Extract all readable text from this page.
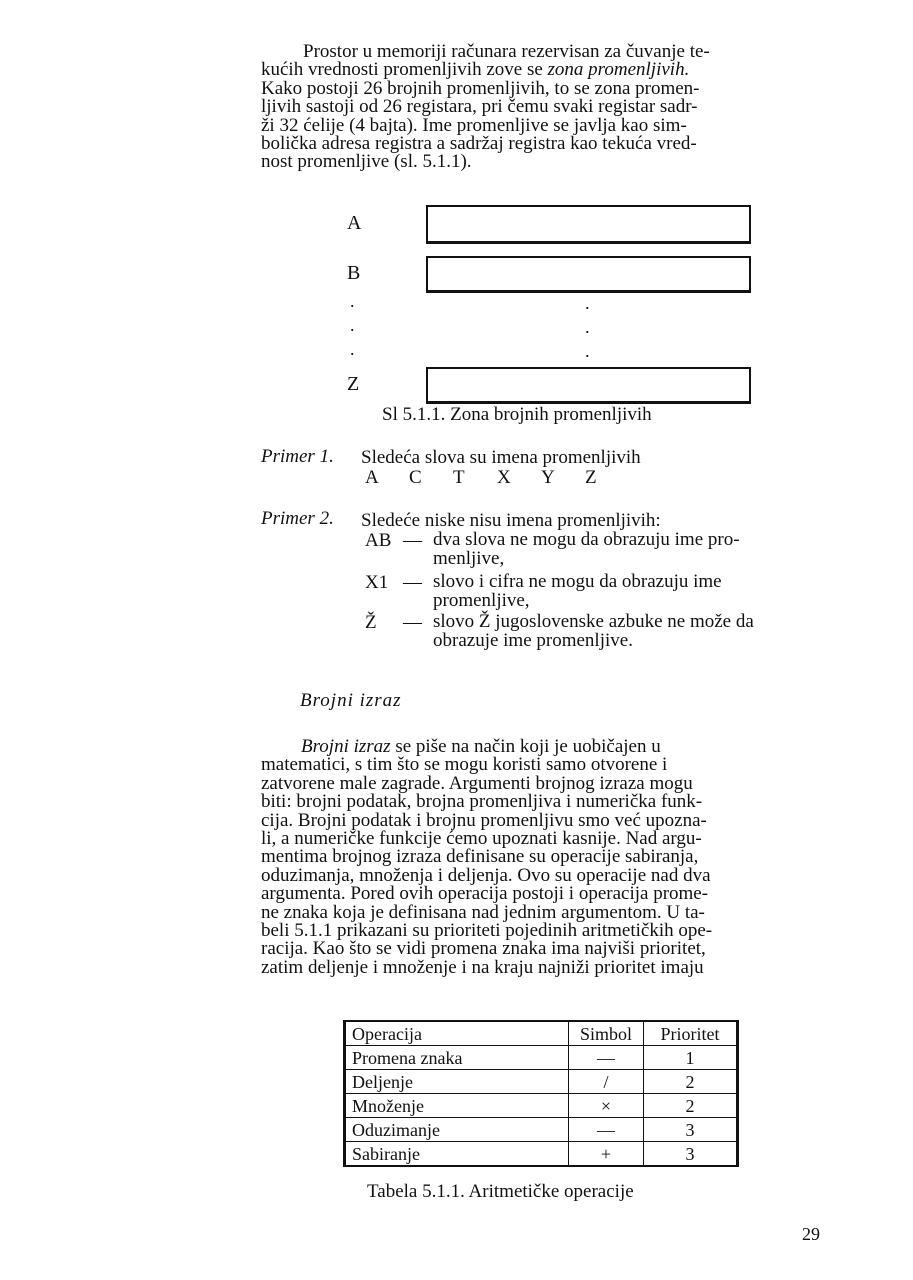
Prostor u memoriji računara rezervisan za čuvanje te-
kućih vrednosti promenljivih zove se zona promenljivih.
Kako postoji 26 brojnih promenljivih, to se zona promen-
ljivih sastoji od 26 registara, pri čemu svaki registar sadr-
ži 32 ćelije (4 bajta). Ime promenljive se javlja kao sim-
bolička adresa registra a sadržaj registra kao tekuća vred-
nost promenljive (sl. 5.1.1).
A
B
.
.
.
.
.
.
Z
Sl 5.1.1. Zona brojnih promenljivih
Primer 1. Sledeća slova su imena promenljivih
A C T X Y Z
Primer 2. Sledeće niske nisu imena promenljivih:
AB — dva slova ne mogu da obrazuju ime pro-
menljive,
X1 — slovo i cifra ne mogu da obrazuju ime
promenljive,
Ž — slovo Ž jugoslovenske azbuke ne može da
obrazuje ime promenljive.
Brojni izraz
Brojni izraz se piše na način koji je uobičajen u
matematici, s tim što se mogu koristi samo otvorene i
zatvorene male zagrade. Argumenti brojnog izraza mogu
biti: brojni podatak, brojna promenljiva i numerička funk-
cija. Brojni podatak i brojnu promenljivu smo već upozna-
li, a numeričke funkcije ćemo upoznati kasnije. Nad argu-
mentima brojnog izraza definisane su operacije sabiranja,
oduzimanja, množenja i deljenja. Ovo su operacije nad dva
argumenta. Pored ovih operacija postoji i operacija prome-
ne znaka koja je definisana nad jednim argumentom. U ta-
beli 5.1.1 prikazani su prioriteti pojedinih aritmetičkih ope-
racija. Kao što se vidi promena znaka ima najviši prioritet,
zatim deljenje i množenje i na kraju najniži prioritet imaju
Operacija	Simbol	Prioritet
Promena znaka	—	1
Deljenje	/	2
Množenje	×	2
Oduzimanje	—	3
Sabiranje	+	3
Tabela 5.1.1. Aritmetičke operacije
29
